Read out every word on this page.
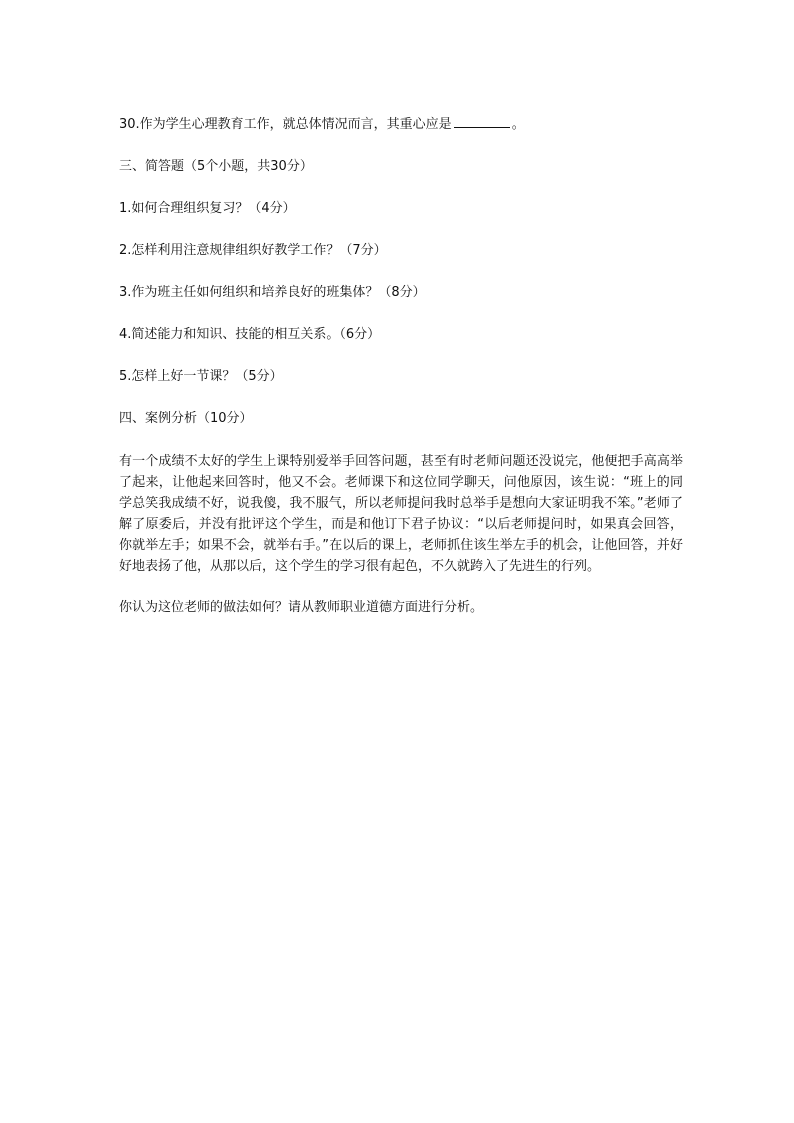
30.作为学生心理教育工作，就总体情况而言，其重心应是	。
三、简答题（5个小题，共30分）
1.如何合理组织复习？（4分）
2.怎样利用注意规律组织好教学工作？（7分）
3.作为班主任如何组织和培养良好的班集体？（8分）
4.简述能力和知识、技能的相互关系。（6分）
5.怎样上好一节课？（5分）
四、案例分析（10分）

有一个成绩不太好的学生上课特别爱举手回答问题，甚至有时老师问题还没说完，他便把手高高举了起来，让他起来回答时，他又不会。老师课下和这位同学聊天，问他原因，该生说：“班上的同学总笑我成绩不好，说我傻，我不服气，所以老师提问我时总举手是想向大家证明我不笨。”老师了解了原委后，并没有批评这个学生，而是和他订下君子协议：“以后老师提问时，如果真会回答，你就举左手；如果不会，就举右手。”在以后的课上，老师抓住该生举左手的机会，让他回答，并好好地表扬了他，从那以后，这个学生的学习很有起色，不久就跨入了先进生的行列。

你认为这位老师的做法如何？请从教师职业道德方面进行分析。
